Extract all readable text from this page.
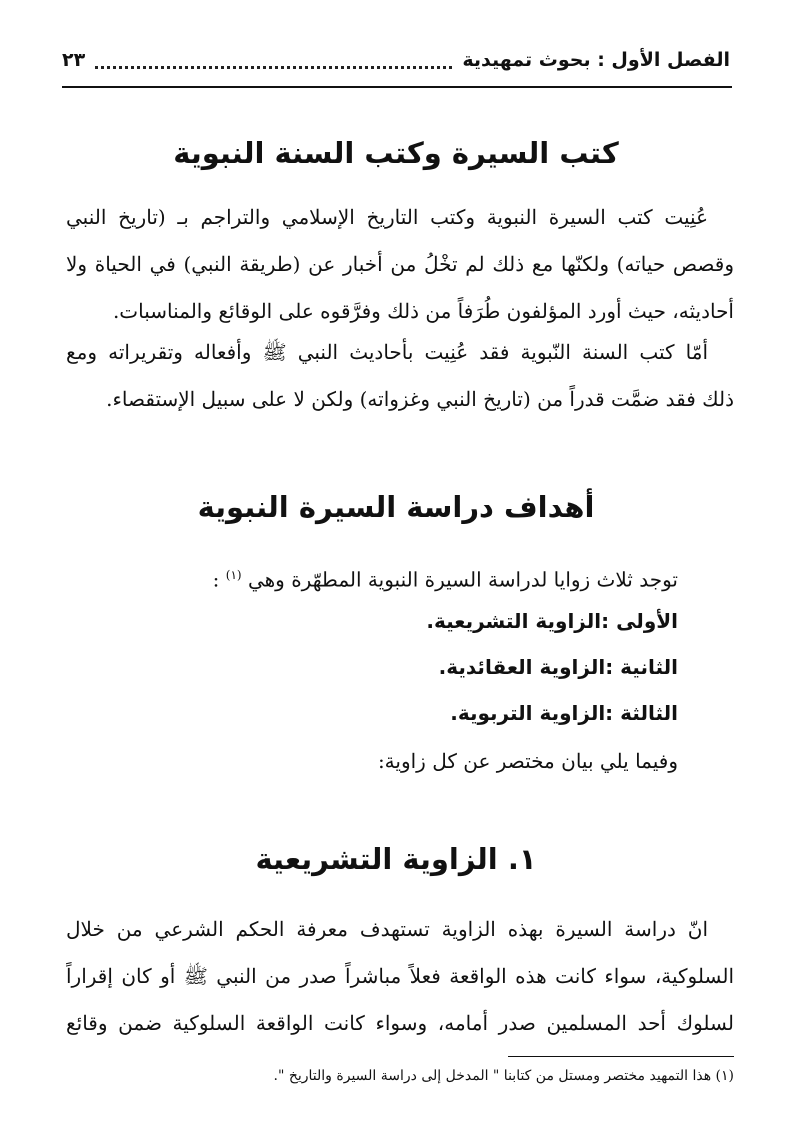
الفصل الأول : بحوث تمهيدية
٢٣
كتب السيرة وكتب السنة النبوية
عُنِيت كتب السيرة النبوية وكتب التاريخ الإسلامي والتراجم بـ (تاريخ النبي
وقصص حياته) ولكنّها مع ذلك لم تخْلُ من أخبار عن (طريقة النبي) في الحياة ولا
أحاديثه، حيث أورد المؤلفون طُرَفاً من ذلك وفرَّقوه على الوقائع والمناسبات.
أمّا كتب السنة النّبوية فقد عُنِيت بأحاديث النبي ﷺ وأفعاله وتقريراته ومع
ذلك فقد ضمَّت قدراً من (تاريخ النبي وغزواته) ولكن لا على سبيل الإستقصاء.
أهداف دراسة السيرة النبوية
توجد ثلاث زوايا لدراسة السيرة النبوية المطهّرة وهي $^{(١)}$ :
الأولى :الزاوية التشريعية.
الثانية :الزاوية العقائدية.
الثالثة :الزاوية التربوية.
وفيما يلي بيان مختصر عن كل زاوية:
١. الزاوية التشريعية
انّ دراسة السيرة بهذه الزاوية تستهدف معرفة الحكم الشرعي من خلال
السلوكية، سواء كانت هذه الواقعة فعلاً مباشراً صدر من النبي ﷺ أو كان إقراراً
لسلوك أحد المسلمين صدر أمامه، وسواء كانت الواقعة السلوكية ضمن وقائع
(١) هذا التمهيد مختصر ومستل من كتابنا " المدخل إلى دراسة السيرة والتاريخ ".
